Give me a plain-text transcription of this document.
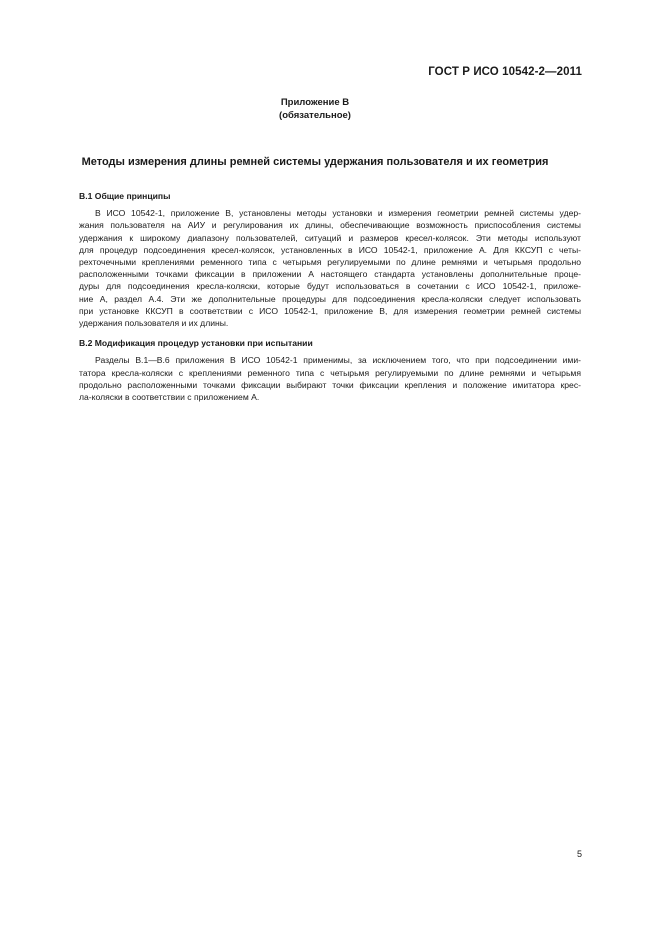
ГОСТ Р ИСО 10542-2—2011
Приложение В
(обязательное)
Методы измерения длины ремней системы удержания пользователя и их геометрия
В.1 Общие принципы
В ИСО 10542-1, приложение В, установлены методы установки и измерения геометрии ремней системы удер-
жания пользователя на АИУ и регулирования их длины, обеспечивающие возможность приспособления системы
удержания к широкому диапазону пользователей, ситуаций и размеров кресел-колясок. Эти методы используют
для процедур подсоединения кресел-колясок, установленных в ИСО 10542-1, приложение А. Для ККСУП с четы-
рехточечными креплениями ременного типа с четырьмя регулируемыми по длине ремнями и четырьмя продольно
расположенными точками фиксации в приложении А настоящего стандарта установлены дополнительные проце-
дуры для подсоединения кресла-коляски, которые будут использоваться в сочетании с ИСО 10542-1, приложе-
ние А, раздел А.4. Эти же дополнительные процедуры для подсоединения кресла-коляски следует использовать
при установке ККСУП в соответствии с ИСО 10542-1, приложение В, для измерения геометрии ремней системы
удержания пользователя и их длины.
В.2 Модификация процедур установки при испытании
Разделы В.1—В.6 приложения В ИСО 10542-1 применимы, за исключением того, что при подсоединении ими-
татора кресла-коляски с креплениями ременного типа с четырьмя регулируемыми по длине ремнями и четырьмя
продольно расположенными точками фиксации выбирают точки фиксации крепления и положение имитатора крес-
ла-коляски в соответствии с приложением А.
5
